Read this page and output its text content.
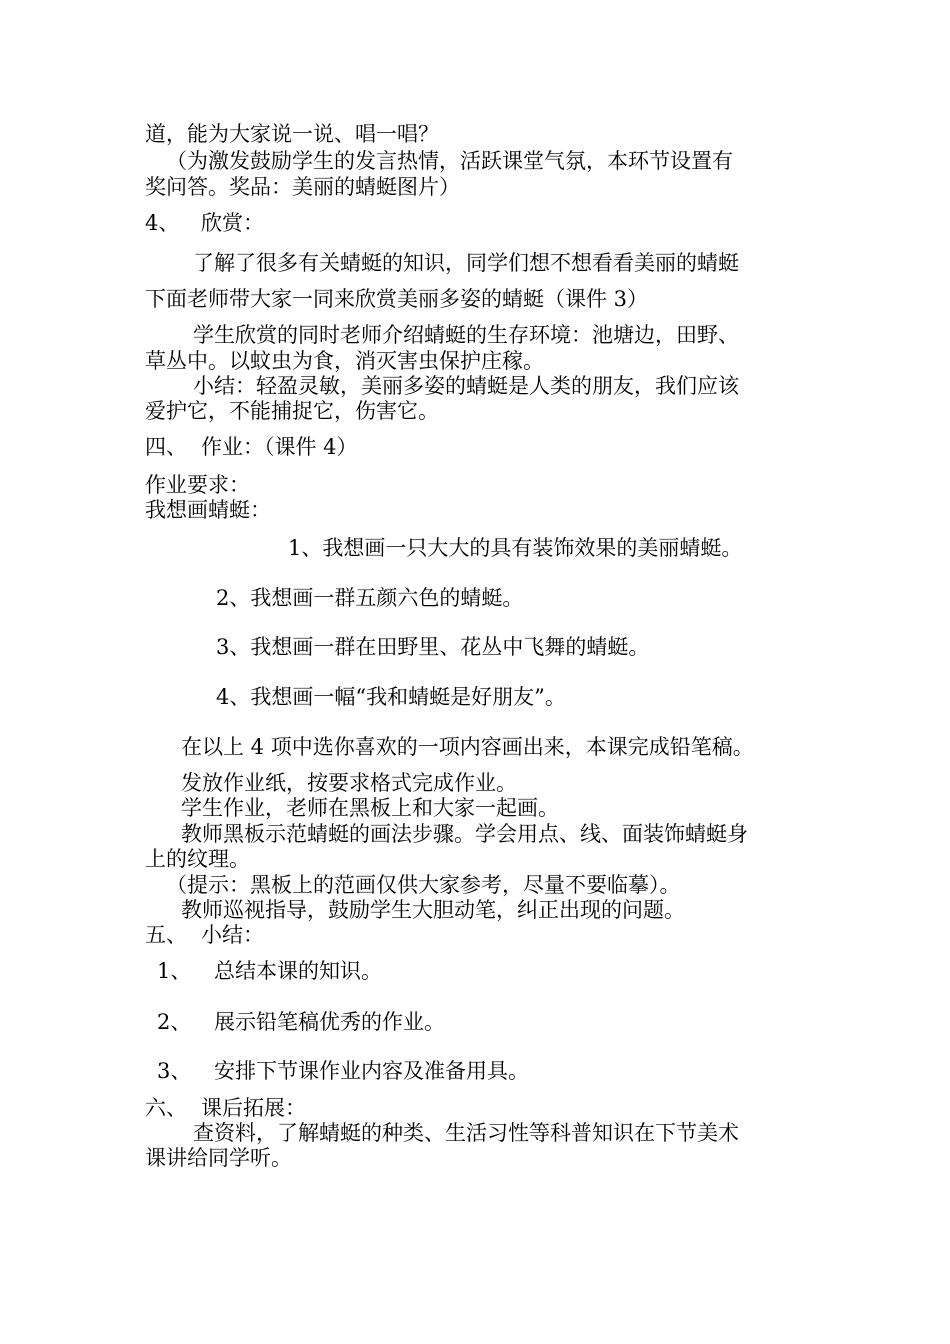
道，能为大家说一说、唱一唱？
（为激发鼓励学生的发言热情，活跃课堂气氛，本环节设置有
奖问答。奖品：美丽的蜻蜓图片）
4、 欣赏：
了解了很多有关蜻蜓的知识，同学们想不想看看美丽的蜻蜓
下面老师带大家一同来欣赏美丽多姿的蜻蜓（课件 3）
学生欣赏的同时老师介绍蜻蜓的生存环境：池塘边，田野、
草丛中。以蚊虫为食，消灭害虫保护庄稼。
小结：轻盈灵敏，美丽多姿的蜻蜓是人类的朋友，我们应该
爱护它，不能捕捉它，伤害它。
四、 作业：（课件 4）
作业要求：
我想画蜻蜓：
1、我想画一只大大的具有装饰效果的美丽蜻蜓。
2、我想画一群五颜六色的蜻蜓。
3、我想画一群在田野里、花丛中飞舞的蜻蜓。
4、我想画一幅“我和蜻蜓是好朋友”。
在以上 4 项中选你喜欢的一项内容画出来，本课完成铅笔稿。
发放作业纸，按要求格式完成作业。
学生作业，老师在黑板上和大家一起画。
教师黑板示范蜻蜓的画法步骤。学会用点、线、面装饰蜻蜓身
上的纹理。
（提示：黑板上的范画仅供大家参考，尽量不要临摹）。
教师巡视指导，鼓励学生大胆动笔，纠正出现的问题。
五、 小结：
1、 总结本课的知识。
2、 展示铅笔稿优秀的作业。
3、 安排下节课作业内容及准备用具。
六、 课后拓展：
查资料，了解蜻蜓的种类、生活习性等科普知识在下节美术
课讲给同学听。
